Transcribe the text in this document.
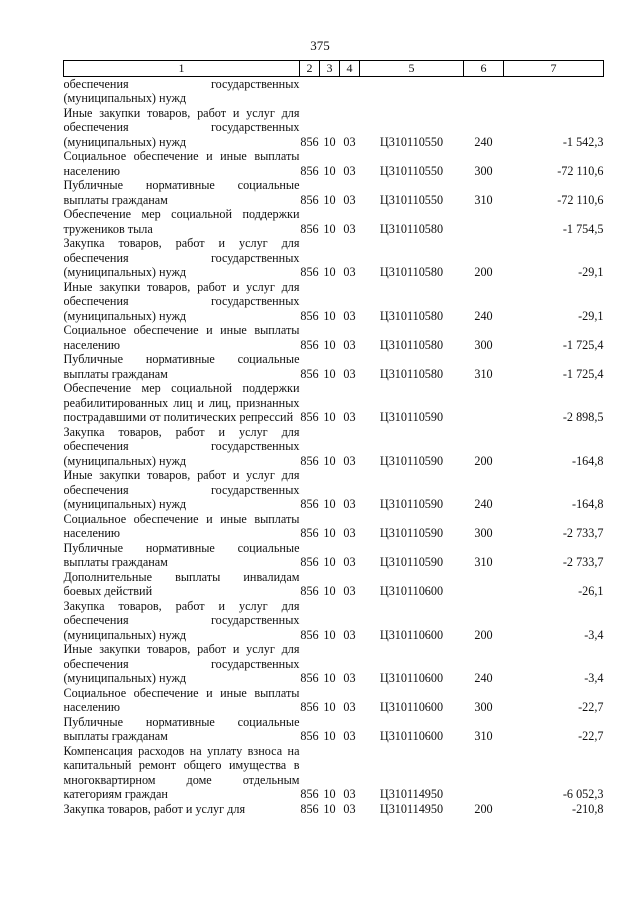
375
1	2	3	4	5	6	7
обеспечения государственных (муниципальных) нужд						
Иные закупки товаров, работ и услуг для обеспечения государственных (муниципальных) нужд	856	10	03	Ц310110550	240	-1 542,3
Социальное обеспечение и иные выплаты населению	856	10	03	Ц310110550	300	-72 110,6
Публичные нормативные социальные выплаты гражданам	856	10	03	Ц310110550	310	-72 110,6
Обеспечение мер социальной поддержки тружеников тыла	856	10	03	Ц310110580		-1 754,5
Закупка товаров, работ и услуг для обеспечения государственных (муниципальных) нужд	856	10	03	Ц310110580	200	-29,1
Иные закупки товаров, работ и услуг для обеспечения государственных (муниципальных) нужд	856	10	03	Ц310110580	240	-29,1
Социальное обеспечение и иные выплаты населению	856	10	03	Ц310110580	300	-1 725,4
Публичные нормативные социальные выплаты гражданам	856	10	03	Ц310110580	310	-1 725,4
Обеспечение мер социальной поддержки реабилитированных лиц и лиц, признанных пострадавшими от политических репрессий	856	10	03	Ц310110590		-2 898,5
Закупка товаров, работ и услуг для обеспечения государственных (муниципальных) нужд	856	10	03	Ц310110590	200	-164,8
Иные закупки товаров, работ и услуг для обеспечения государственных (муниципальных) нужд	856	10	03	Ц310110590	240	-164,8
Социальное обеспечение и иные выплаты населению	856	10	03	Ц310110590	300	-2 733,7
Публичные нормативные социальные выплаты гражданам	856	10	03	Ц310110590	310	-2 733,7
Дополнительные выплаты инвалидам боевых действий	856	10	03	Ц310110600		-26,1
Закупка товаров, работ и услуг для обеспечения государственных (муниципальных) нужд	856	10	03	Ц310110600	200	-3,4
Иные закупки товаров, работ и услуг для обеспечения государственных (муниципальных) нужд	856	10	03	Ц310110600	240	-3,4
Социальное обеспечение и иные выплаты населению	856	10	03	Ц310110600	300	-22,7
Публичные нормативные социальные выплаты гражданам	856	10	03	Ц310110600	310	-22,7
Компенсация расходов на уплату взноса на капитальный ремонт общего имущества в многоквартирном доме отдельным категориям граждан	856	10	03	Ц310114950		-6 052,3
Закупка товаров, работ и услуг для	856	10	03	Ц310114950	200	-210,8
